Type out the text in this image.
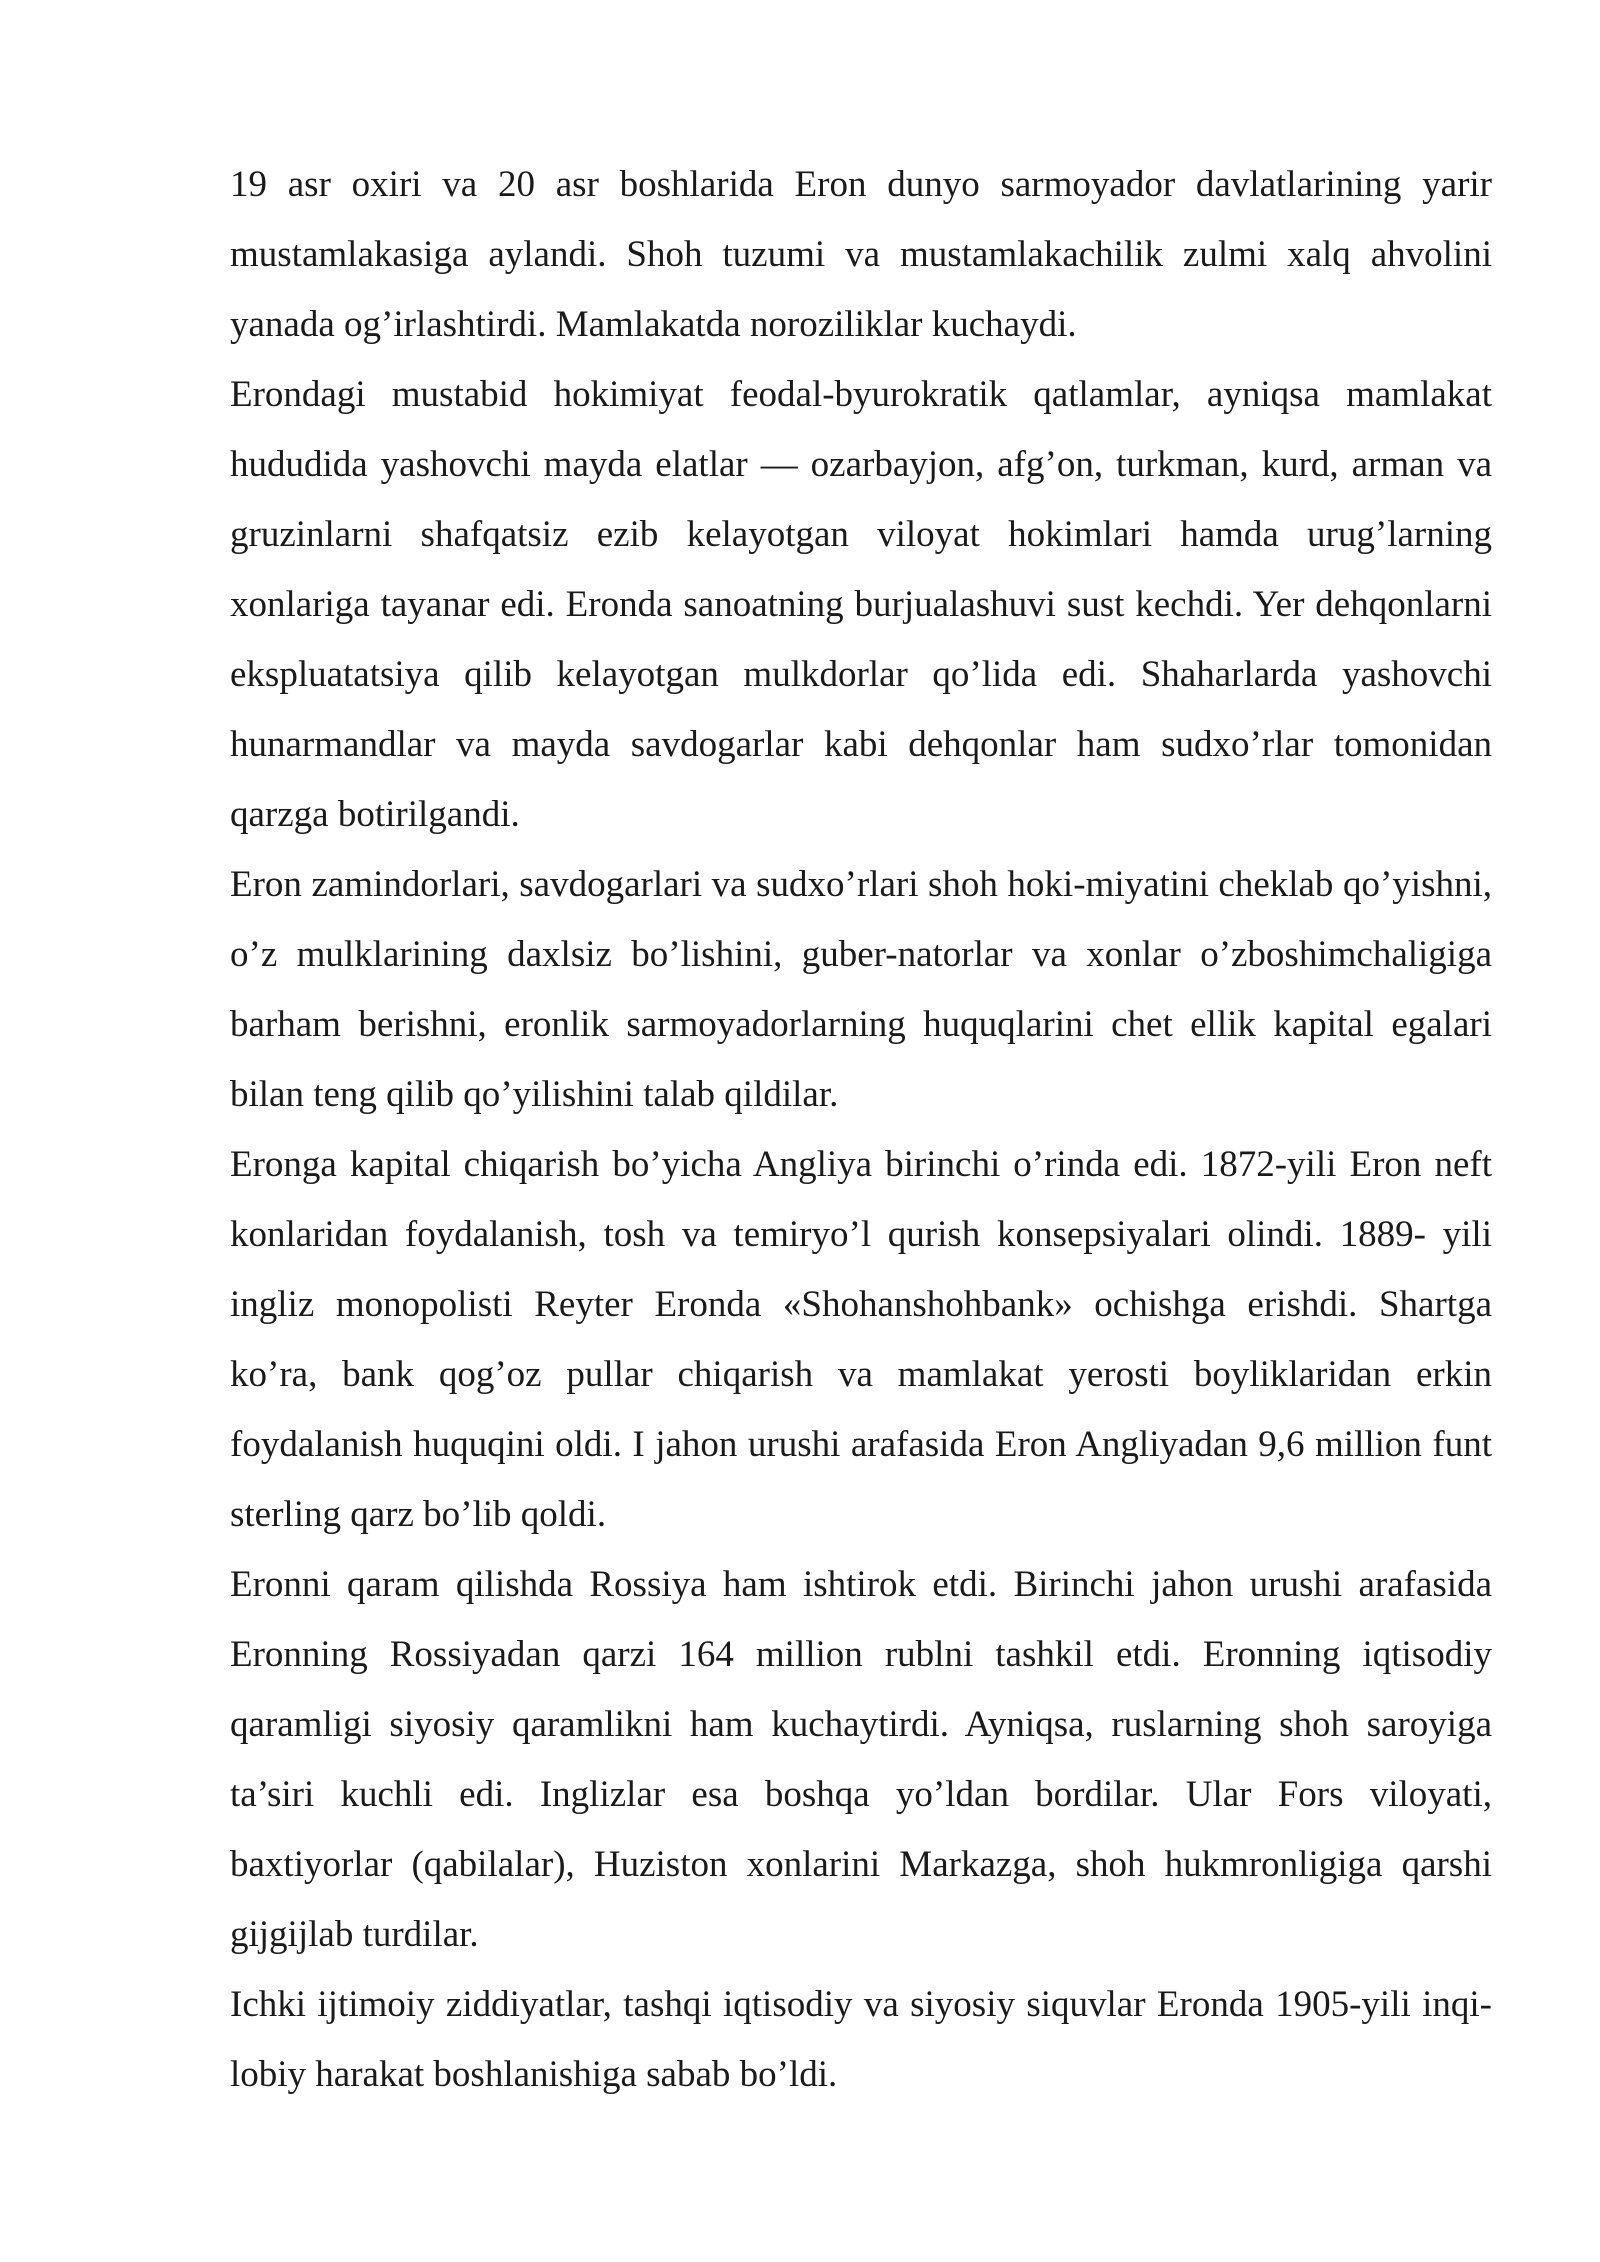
19 asr oxiri va 20 asr boshlarida Eron dunyo sarmoyador davlatlarining yarir mustamlakasiga aylandi. Shoh tuzumi va mustamlakachilik zulmi xalq ahvolini yanada og’irlashtirdi. Mamlakatda noroziliklar kuchaydi.

Erondagi mustabid hokimiyat feodal-byurokratik qatlamlar, ayniqsa mamlakat hududida yashovchi mayda elatlar — ozarbayjon, afg’on, turkman, kurd, arman va gruzinlarni shafqatsiz ezib kelayotgan viloyat hokimlari hamda urug’larning xonlariga tayanar edi. Eronda sanoatning burjualashuvi sust kechdi. Yer dehqonlarni ekspluatatsiya qilib kelayotgan mulkdorlar qo’lida edi. Shaharlarda yashovchi hunarmandlar va mayda savdogarlar kabi dehqonlar ham sudxo’rlar tomonidan qarzga botirilgandi.

Eron zamindorlari, savdogarlari va sudxo’rlari shoh hoki-miyatini cheklab qo’yishni, o’z mulklarining daxlsiz bo’lishini, guber-natorlar va xonlar o’zboshimchaligiga barham berishni, eronlik sarmoyadorlarning huquqlarini chet ellik kapital egalari bilan teng qilib qo’yilishini talab qildilar.

Eronga kapital chiqarish bo’yicha Angliya birinchi o’rinda edi. 1872-yili Eron neft konlaridan foydalanish, tosh va temiryo’l qurish konsepsiyalari olindi. 1889- yili ingliz monopolisti Reyter Eronda «Shohanshohbank» ochishga erishdi. Shartga ko’ra, bank qog’oz pullar chiqarish va mamlakat yerosti boyliklaridan erkin foydalanish huquqini oldi. I jahon urushi arafasida Eron Angliyadan 9,6 million funt sterling qarz bo’lib qoldi.

Eronni qaram qilishda Rossiya ham ishtirok etdi. Birinchi jahon urushi arafasida Eronning Rossiyadan qarzi 164 million rublni tashkil etdi. Eronning iqtisodiy qaramligi siyosiy qaramlikni ham kuchaytirdi. Ayniqsa, ruslarning shoh saroyiga ta’siri kuchli edi. Inglizlar esa boshqa yo’ldan bordilar. Ular Fors viloyati, baxtiyorlar (qabilalar), Huziston xonlarini Markazga, shoh hukmronligiga qarshi gijgijlab turdilar.

Ichki ijtimoiy ziddiyatlar, tashqi iqtisodiy va siyosiy siquvlar Eronda 1905-yili inqi-lobiy harakat boshlanishiga sabab bo’ldi.
